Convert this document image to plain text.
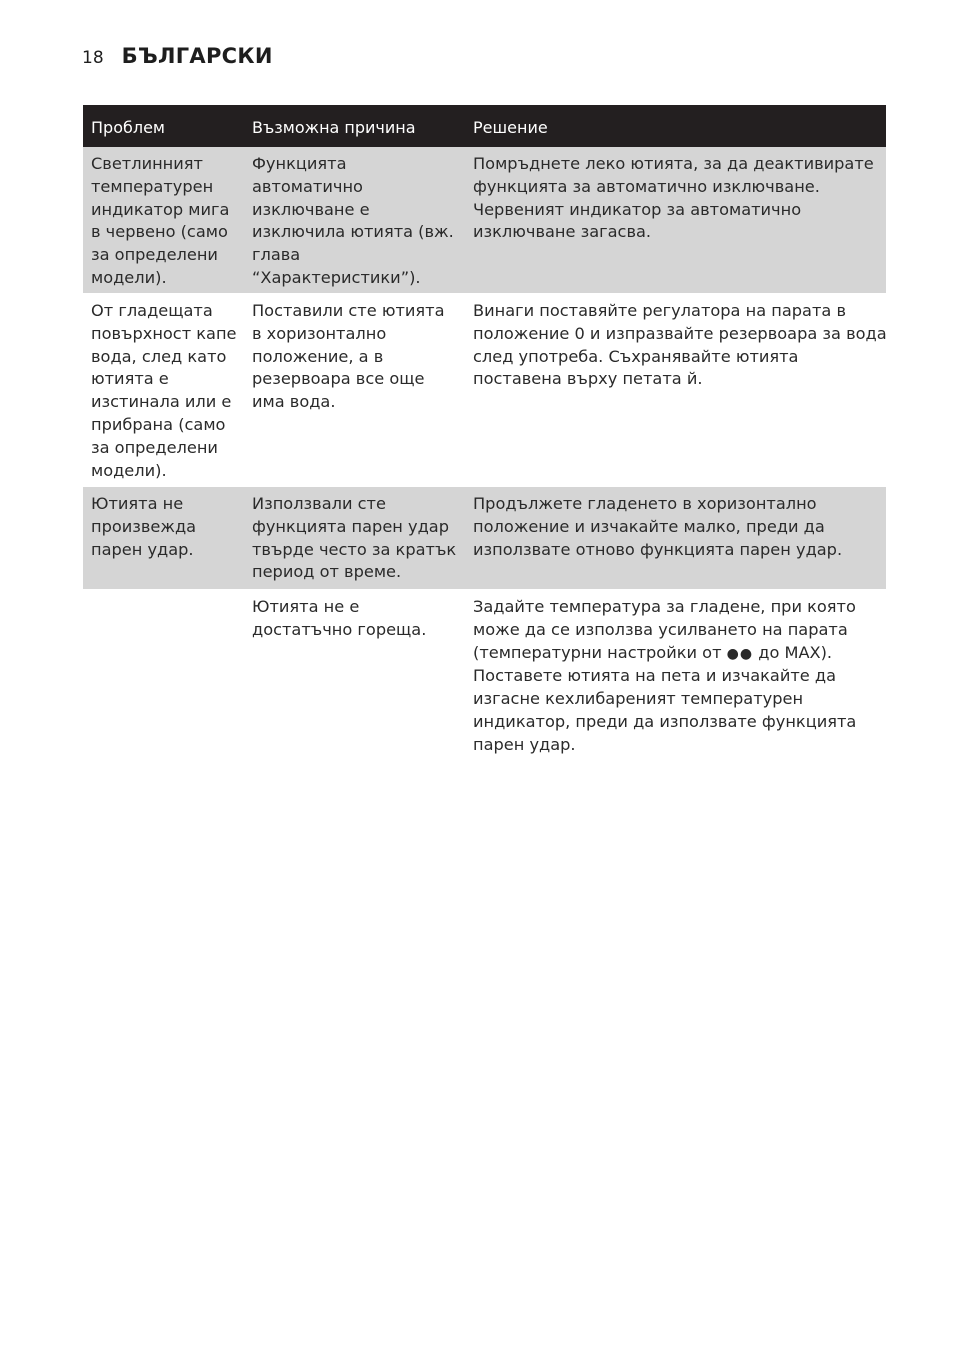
18 БЪЛГАРСКИ
Проблем	Възможна причина	Решение
Светлинният
температурен
индикатор мига
в червено (само
за определени
модели).
Функцията
автоматично
изключване е
изключила ютията (вж.
глава
“Характеристики”).
Помръднете леко ютията, за да деактивирате
функцията за автоматично изключване.
Червеният индикатор за автоматично
изключване загасва.
От гладещата
повърхност капе
вода, след като
ютията е
изстинала или е
прибрана (само
за определени
модели).
Поставили сте ютията
в хоризонтално
положение, а в
резервоара все още
има вода.
Винаги поставяйте регулатора на парата в
положение 0 и изпразвайте резервоара за вода
след употреба. Съхранявайте ютията
поставена върху петата й.
Ютията не
произвежда
парен удар.
Използвали сте
функцията парен удар
твърде често за кратък
период от време.
Продължете гладенето в хоризонтално
положение и изчакайте малко, преди да
използвате отново функцията парен удар.
Ютията не е
достатъчно гореща.
Задайте температура за гладене, при която
може да се използва усилването на парата
(температурни настройки от ●● до MAX).
Поставете ютията на пета и изчакайте да
изгасне кехлибареният температурен
индикатор, преди да използвате функцията
парен удар.
